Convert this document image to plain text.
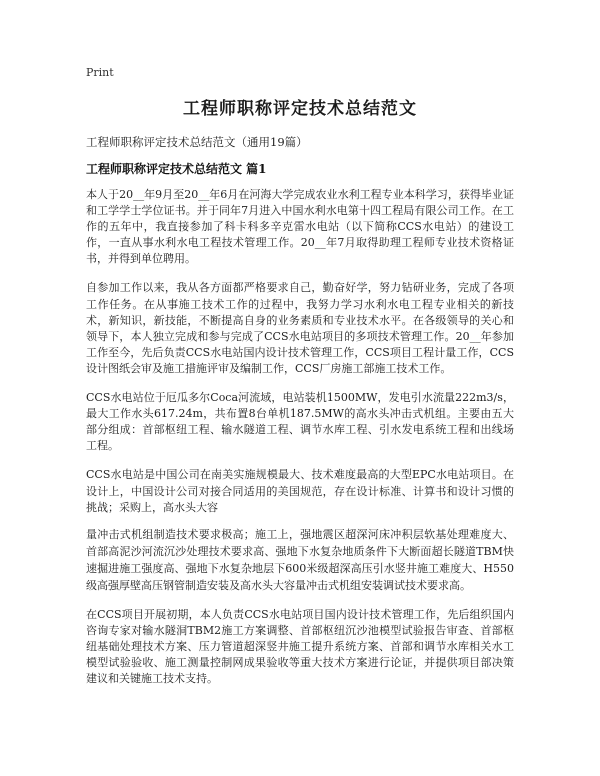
Print

工程师职称评定技术总结范文

工程师职称评定技术总结范文（通用19篇）

工程师职称评定技术总结范文 篇1

本人于20__年9月至20__年6月在河海大学完成农业水利工程专业本科学习，获得毕业证和工学学士学位证书。并于同年7月进入中国水利水电第十四工程局有限公司工作。在工作的五年中，我直接参加了科卡科多辛克雷水电站（以下简称CCS水电站）的建设工作，一直从事水利水电工程技术管理工作。20__年7月取得助理工程师专业技术资格证书，并得到单位聘用。

自参加工作以来，我从各方面都严格要求自己，勤奋好学，努力钻研业务，完成了各项工作任务。在从事施工技术工作的过程中，我努力学习水利水电工程专业相关的新技术，新知识，新技能，不断提高自身的业务素质和专业技术水平。在各级领导的关心和领导下，本人独立完成和参与完成了CCS水电站项目的多项技术管理工作。20__年参加工作至今，先后负责CCS水电站国内设计技术管理工作，CCS项目工程计量工作，CCS设计图纸会审及施工措施评审及编制工作，CCS厂房施工部施工技术工作。

CCS水电站位于厄瓜多尔Coca河流域，电站装机1500MW，发电引水流量222m3/s，最大工作水头617.24m，共布置8台单机187.5MW的高水头冲击式机组。主要由五大部分组成：首部枢纽工程、输水隧道工程、调节水库工程、引水发电系统工程和出线场工程。

CCS水电站是中国公司在南美实施规模最大、技术难度最高的大型EPC水电站项目。在设计上，中国设计公司对接合同适用的美国规范，存在设计标准、计算书和设计习惯的挑战；采购上，高水头大容

量冲击式机组制造技术要求极高；施工上，强地震区超深河床冲积层软基处理难度大、首部高泥沙河流沉沙处理技术要求高、强地下水复杂地质条件下大断面超长隧道TBM快速掘进施工强度高、强地下水复杂地层下600米级超深高压引水竖井施工难度大、H550级高强厚壁高压钢管制造安装及高水头大容量冲击式机组安装调试技术要求高。

在CCS项目开展初期，本人负责CCS水电站项目国内设计技术管理工作，先后组织国内咨询专家对输水隧洞TBM2施工方案调整、首部枢纽沉沙池模型试验报告审查、首部枢纽基础处理技术方案、压力管道超深竖井施工提升系统方案、首部和调节水库相关水工模型试验验收、施工测量控制网成果验收等重大技术方案进行论证，并提供项目部决策建议和关键施工技术支持。
